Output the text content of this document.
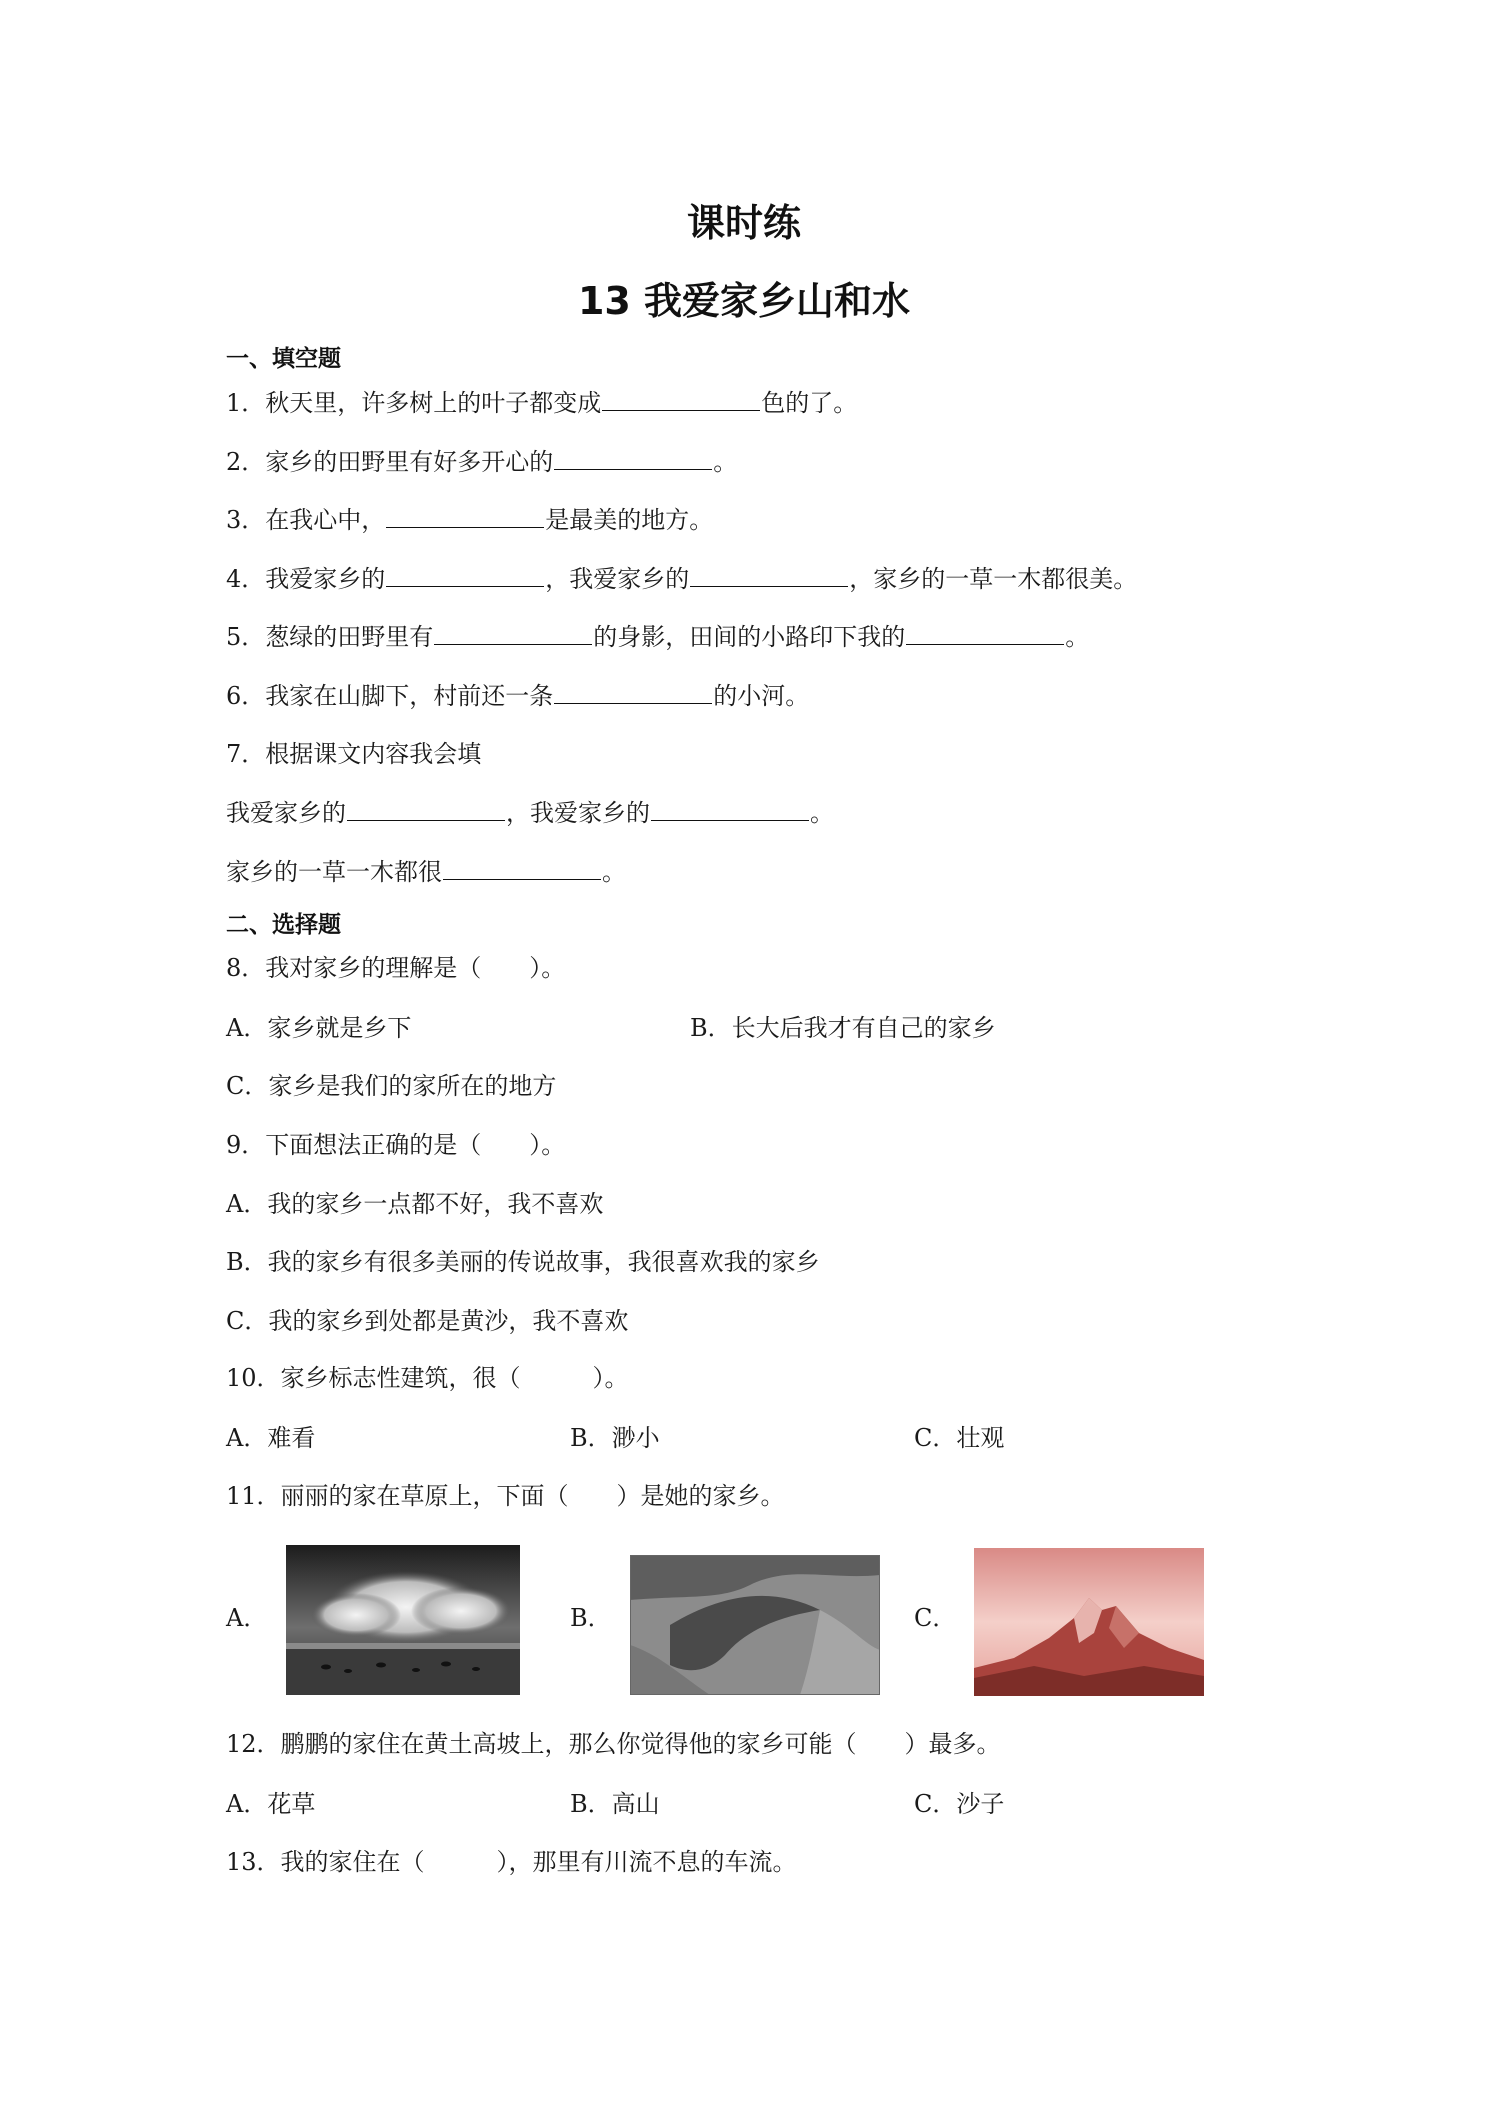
课时练
13 我爱家乡山和水
一、填空题
1．秋天里，许多树上的叶子都变成	色的了。
2．家乡的田野里有好多开心的	。
3．在我心中，	是最美的地方。
4．我爱家乡的	，我爱家乡的	，家乡的一草一木都很美。
5．葱绿的田野里有	的身影，田间的小路印下我的	。
6．我家在山脚下，村前还一条	的小河。
7．根据课文内容我会填
我爱家乡的	，我爱家乡的	。
家乡的一草一木都很	。
二、选择题
8．我对家乡的理解是（　　）。
A．家乡就是乡下	B．长大后我才有自己的家乡
C．家乡是我们的家所在的地方
9．下面想法正确的是（　　）。
A．我的家乡一点都不好，我不喜欢
B．我的家乡有很多美丽的传说故事，我很喜欢我的家乡
C．我的家乡到处都是黄沙，我不喜欢
10．家乡标志性建筑，很（　　　）。
A．难看	B．渺小	C．壮观
11．丽丽的家在草原上，下面（　　）是她的家乡。
A．	B．	C．
12．鹏鹏的家住在黄土高坡上，那么你觉得他的家乡可能（　　）最多。
A．花草	B．高山	C．沙子
13．我的家住在（　　　），那里有川流不息的车流。
